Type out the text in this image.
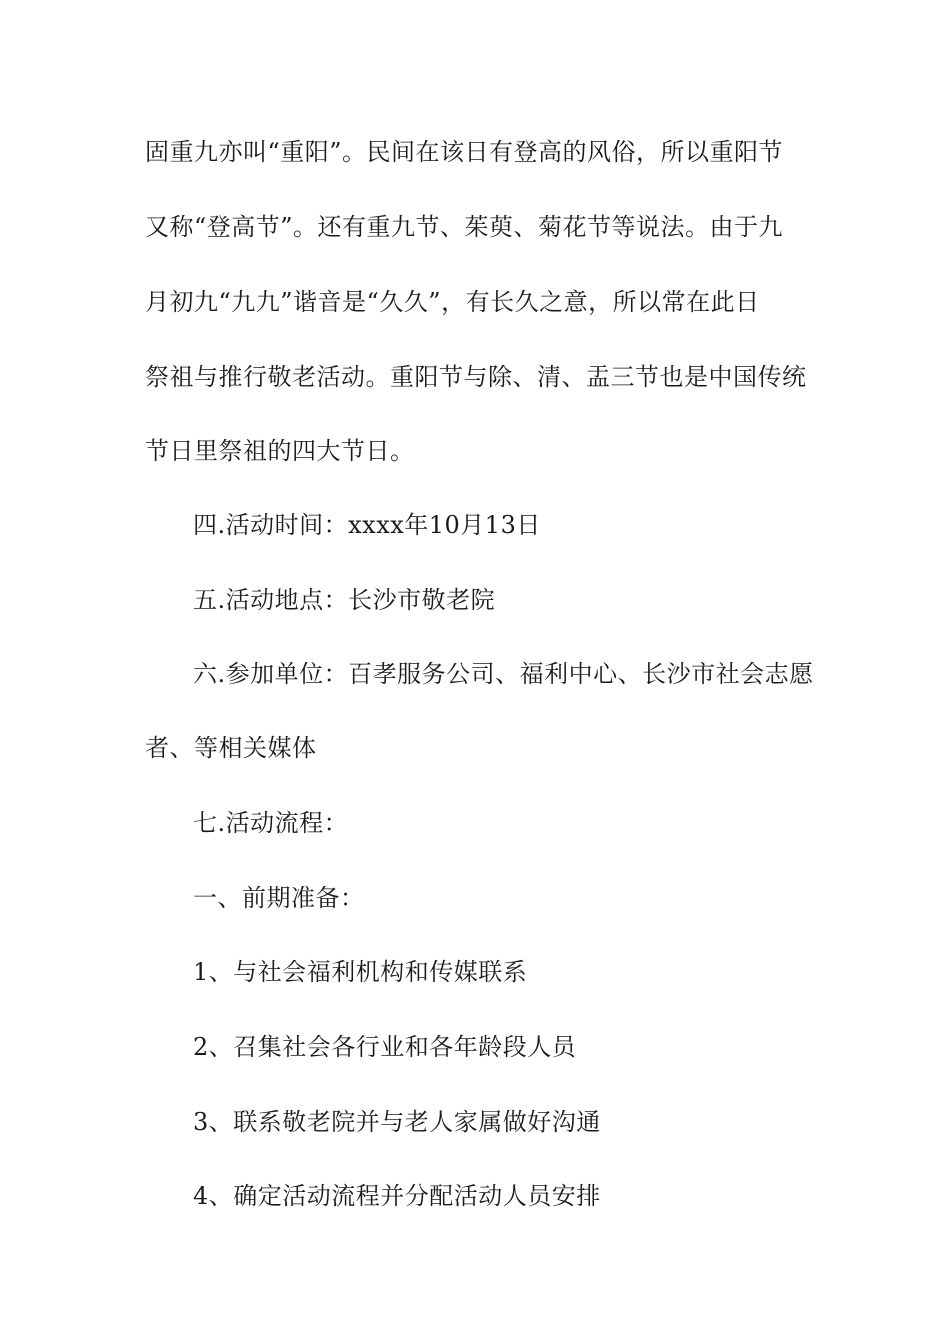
固重九亦叫“重阳”。民间在该日有登高的风俗，所以重阳节
又称“登高节”。还有重九节、茱萸、菊花节等说法。由于九
月初九“九九”谐音是“久久”，有长久之意，所以常在此日
祭祖与推行敬老活动。重阳节与除、清、盂三节也是中国传统
节日里祭祖的四大节日。
四.活动时间：xxxx年10月13日
五.活动地点：长沙市敬老院
六.参加单位：百孝服务公司、福利中心、长沙市社会志愿
者、等相关媒体
七.活动流程：
一、前期准备：
1、与社会福利机构和传媒联系
2、召集社会各行业和各年龄段人员
3、联系敬老院并与老人家属做好沟通
4、确定活动流程并分配活动人员安排
